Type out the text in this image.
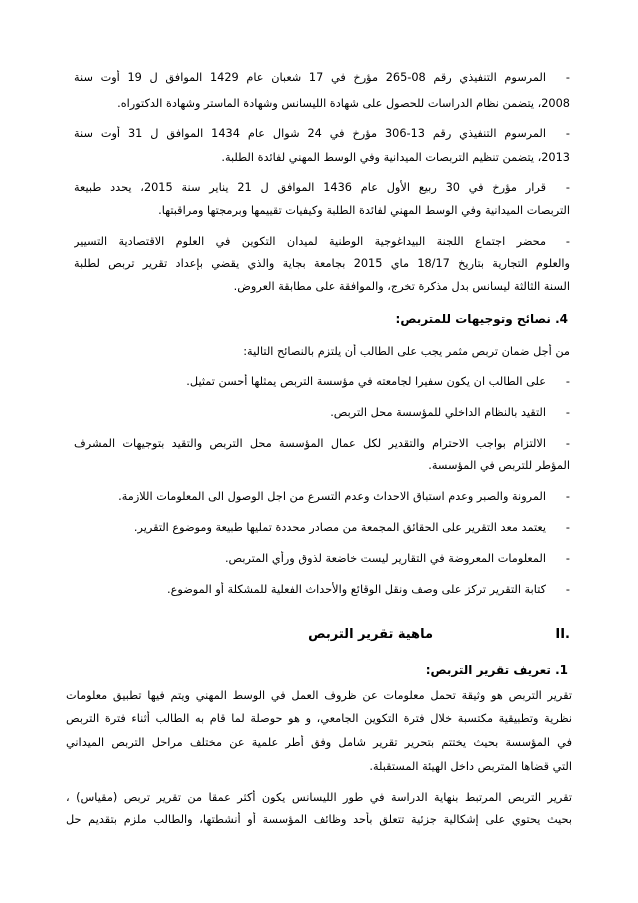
-
المرسوم التنفيذي رقم 08-265 مؤرخ في 17 شعبان عام 1429 الموافق ل 19 أوت سنة
2008، يتضمن نظام الدراسات للحصول على شهادة الليسانس وشهادة الماستر وشهادة الدكتوراه.
-
المرسوم التنفيذي رقم 13-306 مؤرخ في 24 شوال عام 1434 الموافق ل 31 أوت سنة
2013، يتضمن تنظيم التربصات الميدانية وفي الوسط المهني لفائدة الطلبة.
-
قرار مؤرخ في 30 ربيع الأول عام 1436 الموافق ل 21 يناير سنة 2015، يحدد طبيعة
التربصات الميدانية وفي الوسط المهني لفائدة الطلبة وكيفيات تقييمها وبرمجتها ومراقبتها.
-
محضر اجتماع اللجنة البيداغوجية الوطنية لميدان التكوين في العلوم الاقتصادية التسيير
والعلوم التجارية بتاريخ 18/17 ماي 2015 بجامعة بجاية والذي يقضي بإعداد تقرير تربص لطلبة
السنة الثالثة ليسانس بدل مذكرة تخرج، والموافقة على مطابقة العروض.
4. نصائح وتوجيهات للمتربص:
من أجل ضمان تربص مثمر يجب على الطالب أن يلتزم بالنصائح التالية:
-
على الطالب ان يكون سفيرا لجامعته في مؤسسة التربص يمثلها أحسن تمثيل.
-
التقيد بالنظام الداخلي للمؤسسة محل التربص.
-
الالتزام بواجب الاحترام والتقدير لكل عمال المؤسسة محل التربص والتقيد بتوجيهات المشرف
المؤطر للتربص في المؤسسة.
-
المرونة والصبر وعدم استباق الاحداث وعدم التسرع من اجل الوصول الى المعلومات اللازمة.
-
يعتمد معد التقرير على الحقائق المجمعة من مصادر محددة تمليها طبيعة وموضوع التقرير.
-
المعلومات المعروضة في التقارير ليست خاضعة لذوق ورأي المتربص.
-
كتابة التقرير تركز على وصف ونقل الوقائع والأحداث الفعلية للمشكلة أو الموضوع.
II.
ماهية تقرير التربص
1. تعريف تقرير التربص:
تقرير التربص هو وثيقة تحمل معلومات عن ظروف العمل في الوسط المهني ويتم فيها تطبيق معلومات
نظرية وتطبيقية مكتسبة خلال فترة التكوين الجامعي، و هو حوصلة لما قام به الطالب أثناء فترة التربص
في المؤسسة بحيث يختتم بتحرير تقرير شامل وفق أطر علمية عن مختلف مراحل التربص الميداني
التي قضاها المتربص داخل الهيئة المستقبلة.
تقرير التربص المرتبط بنهاية الدراسة في طور الليسانس يكون أكثر عمقا من تقرير تربص (مقياس) ،
بحيث يحتوي على إشكالية جزئية تتعلق بأحد وظائف المؤسسة أو أنشطتها، والطالب ملزم بتقديم حل
